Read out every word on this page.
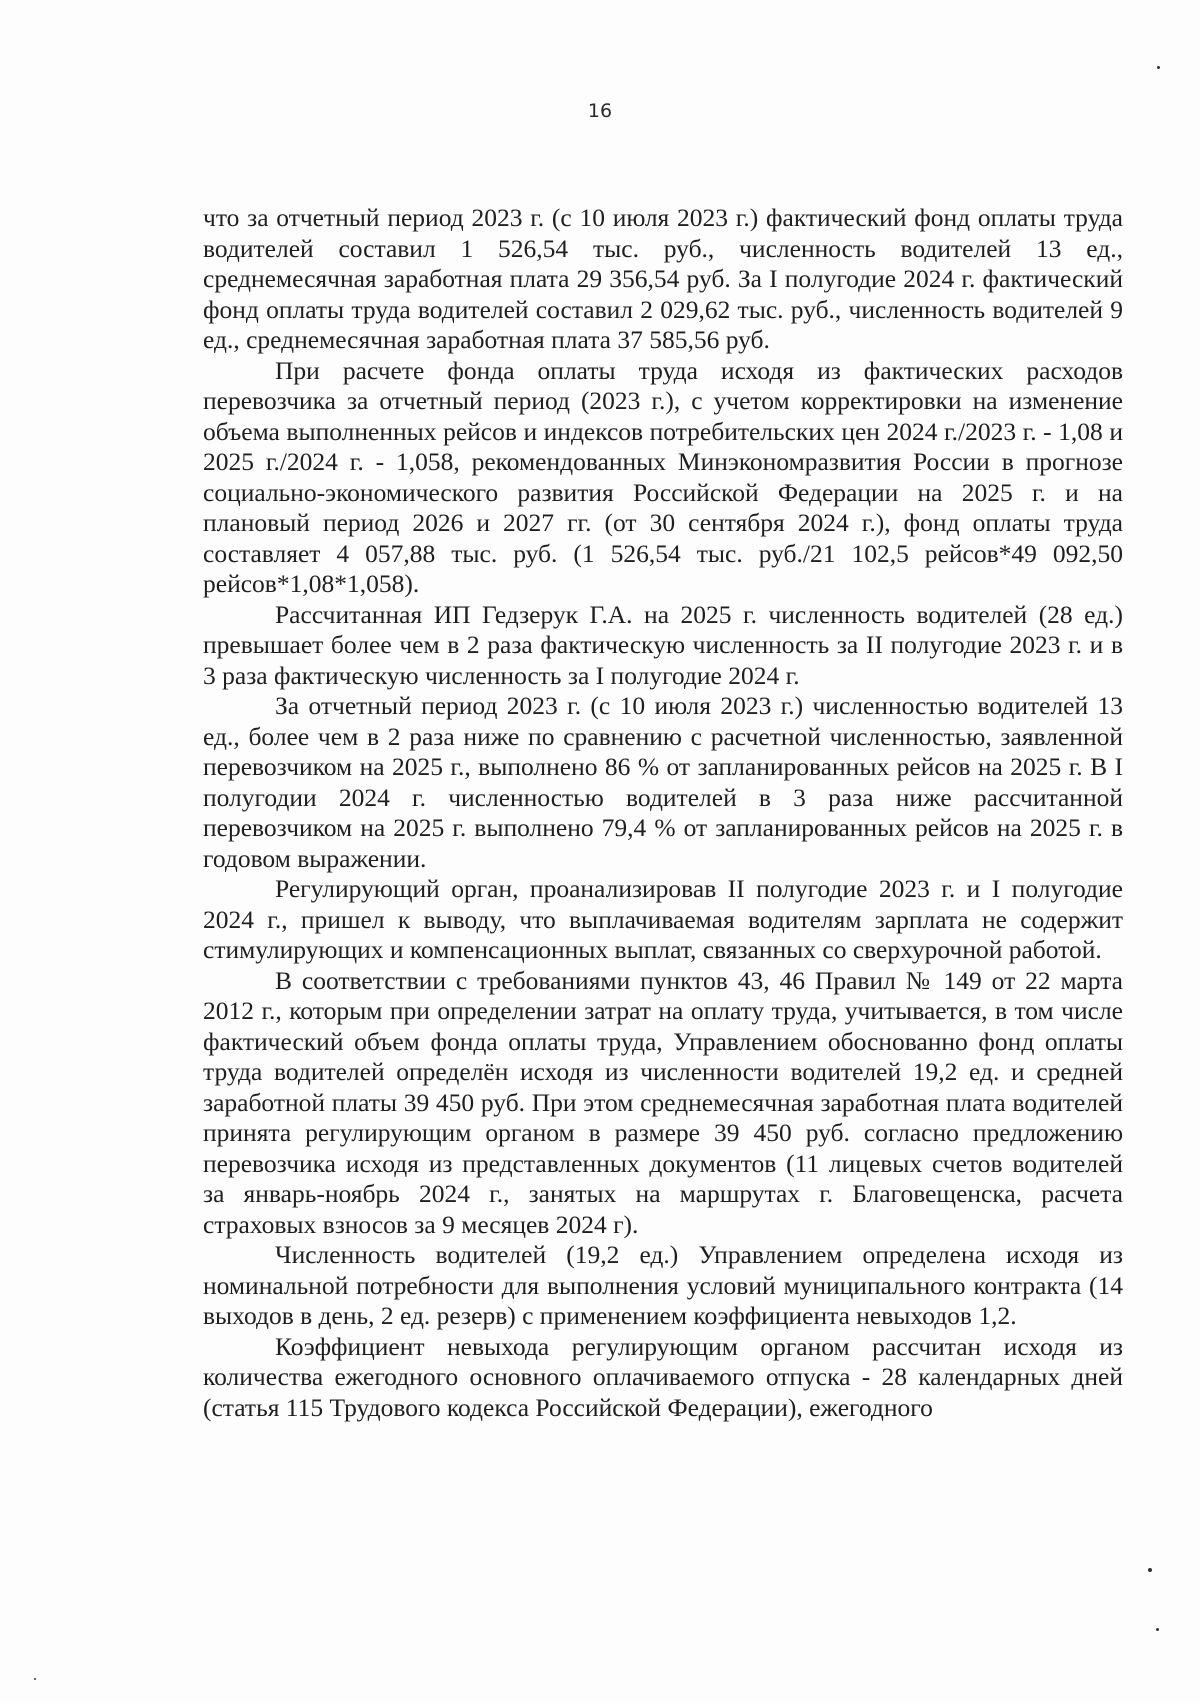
16

что за отчетный период 2023 г. (с 10 июля 2023 г.) фактический фонд оплаты труда водителей составил 1 526,54 тыс. руб., численность водителей 13 ед., среднемесячная заработная плата 29 356,54 руб. За I полугодие 2024 г. фактический фонд оплаты труда водителей составил 2 029,62 тыс. руб., численность водителей 9 ед., среднемесячная заработная плата 37 585,56 руб.

При расчете фонда оплаты труда исходя из фактических расходов перевозчика за отчетный период (2023 г.), с учетом корректировки на изменение объема выполненных рейсов и индексов потребительских цен 2024 г./2023 г. - 1,08 и 2025 г./2024 г. - 1,058, рекомендованных Минэкономразвития России в прогнозе социально-экономического развития Российской Федерации на 2025 г. и на плановый период 2026 и 2027 гг. (от 30 сентября 2024 г.), фонд оплаты труда составляет 4 057,88 тыс. руб. (1 526,54 тыс. руб./21 102,5 рейсов*49 092,50 рейсов*1,08*1,058).

Рассчитанная ИП Гедзерук Г.А. на 2025 г. численность водителей (28 ед.) превышает более чем в 2 раза фактическую численность за II полугодие 2023 г. и в 3 раза фактическую численность за I полугодие 2024 г.

За отчетный период 2023 г. (с 10 июля 2023 г.) численностью водителей 13 ед., более чем в 2 раза ниже по сравнению с расчетной численностью, заявленной перевозчиком на 2025 г., выполнено 86 % от запланированных рейсов на 2025 г. В I полугодии 2024 г. численностью водителей в 3 раза ниже рассчитанной перевозчиком на 2025 г. выполнено 79,4 % от запланированных рейсов на 2025 г. в годовом выражении.

Регулирующий орган, проанализировав II полугодие 2023 г. и I полугодие 2024 г., пришел к выводу, что выплачиваемая водителям зарплата не содержит стимулирующих и компенсационных выплат, связанных со сверхурочной работой.

В соответствии с требованиями пунктов 43, 46 Правил № 149 от 22 марта 2012 г., которым при определении затрат на оплату труда, учитывается, в том числе фактический объем фонда оплаты труда, Управлением обоснованно фонд оплаты труда водителей определён исходя из численности водителей 19,2 ед. и средней заработной платы 39 450 руб. При этом среднемесячная заработная плата водителей принята регулирующим органом в размере 39 450 руб. согласно предложению перевозчика исходя из представленных документов (11 лицевых счетов водителей за январь-ноябрь 2024 г., занятых на маршрутах г. Благовещенска, расчета страховых взносов за 9 месяцев 2024 г).

Численность водителей (19,2 ед.) Управлением определена исходя из номинальной потребности для выполнения условий муниципального контракта (14 выходов в день, 2 ед. резерв) с применением коэффициента невыходов 1,2.

Коэффициент невыхода регулирующим органом рассчитан исходя из количества ежегодного основного оплачиваемого отпуска - 28 календарных дней (статья 115 Трудового кодекса Российской Федерации), ежегодного
